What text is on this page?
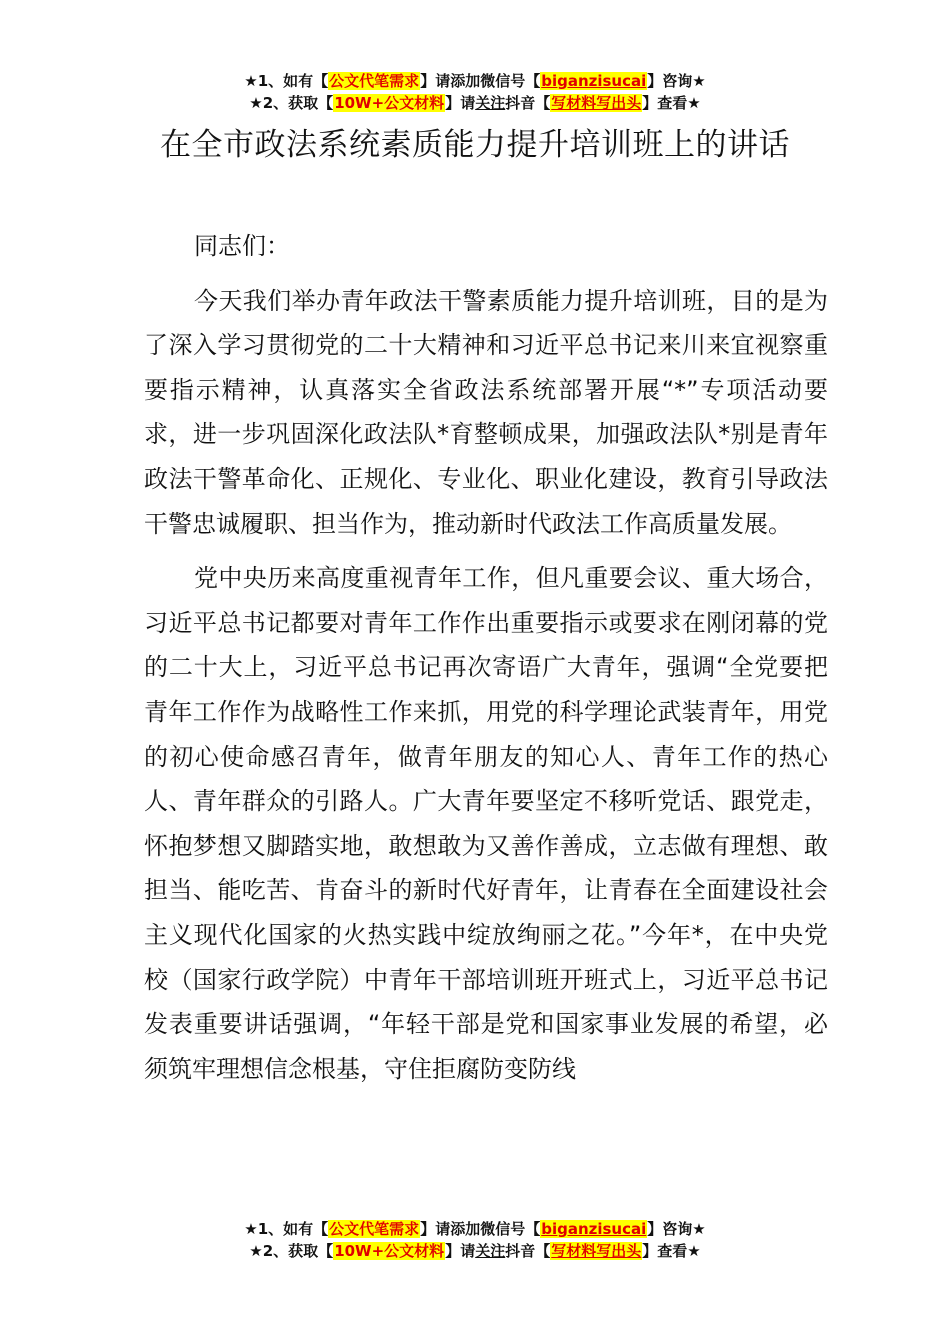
★1、如有【公文代笔需求】请添加微信号【biganzisucai】咨询★
★2、获取【10W+公文材料】请关注抖音【写材料写出头】查看★
在全市政法系统素质能力提升培训班上的讲话

同志们：

今天我们举办青年政法干警素质能力提升培训班，目的是为了深入学习贯彻党的二十大精神和习近平总书记来川来宜视察重要指示精神，认真落实全省政法系统部署开展“*”专项活动要求，进一步巩固深化政法队*育整顿成果，加强政法队*别是青年政法干警革命化、正规化、专业化、职业化建设，教育引导政法干警忠诚履职、担当作为，推动新时代政法工作高质量发展。

党中央历来高度重视青年工作，但凡重要会议、重大场合，习近平总书记都要对青年工作作出重要指示或要求在刚闭幕的党的二十大上，习近平总书记再次寄语广大青年，强调“全党要把青年工作作为战略性工作来抓，用党的科学理论武装青年，用党的初心使命感召青年，做青年朋友的知心人、青年工作的热心人、青年群众的引路人。广大青年要坚定不移听党话、跟党走，怀抱梦想又脚踏实地，敢想敢为又善作善成，立志做有理想、敢担当、能吃苦、肯奋斗的新时代好青年，让青春在全面建设社会主义现代化国家的火热实践中绽放绚丽之花。”今年*，在中央党校（国家行政学院）中青年干部培训班开班式上，习近平总书记发表重要讲话强调，“年轻干部是党和国家事业发展的希望，必须筑牢理想信念根基，守住拒腐防变防线

★1、如有【公文代笔需求】请添加微信号【biganzisucai】咨询★
★2、获取【10W+公文材料】请关注抖音【写材料写出头】查看★
